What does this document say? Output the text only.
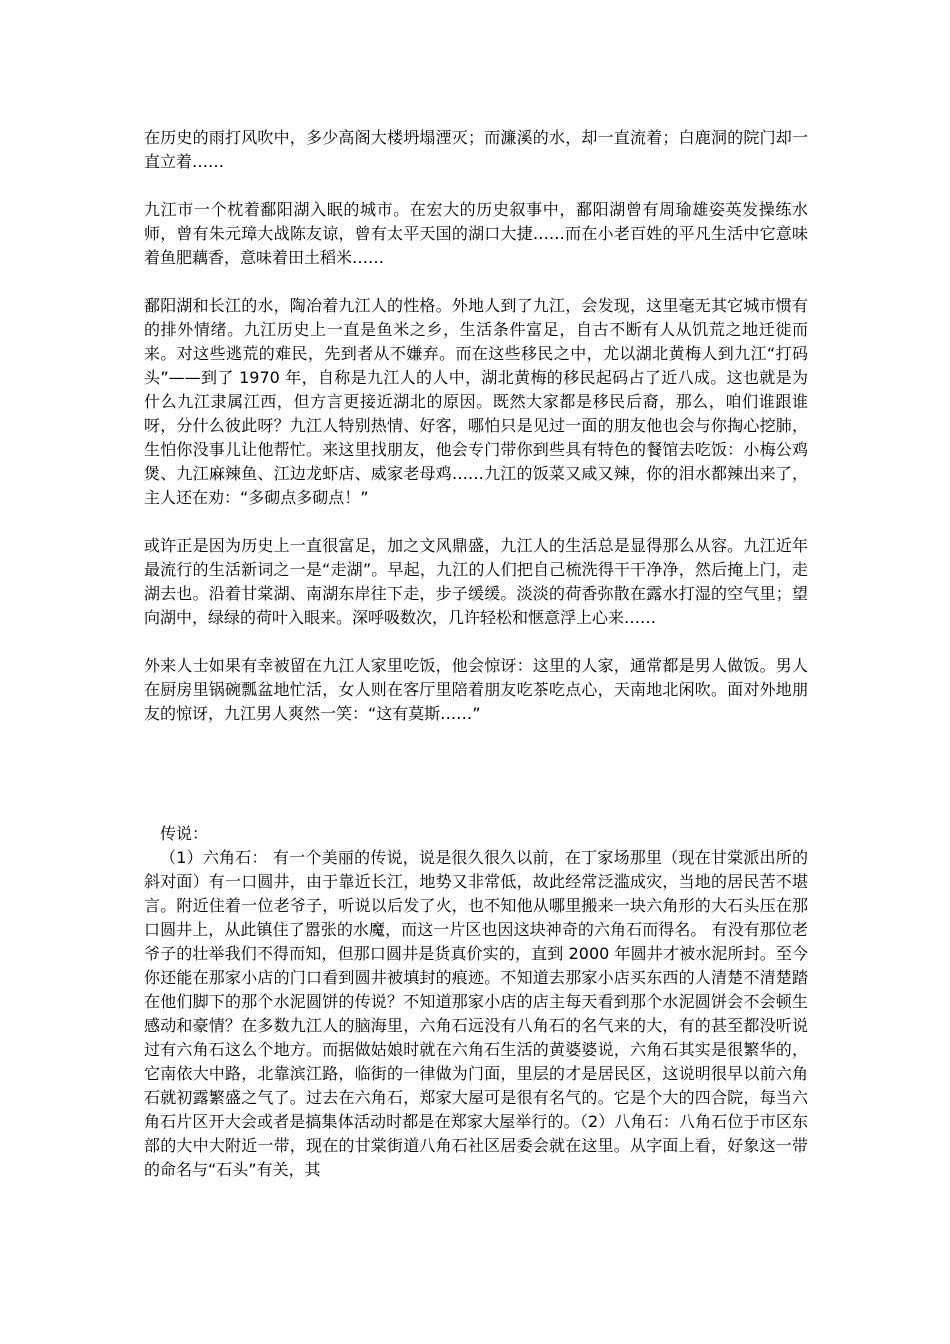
在历史的雨打风吹中，多少高阁大楼坍塌湮灭；而濂溪的水，却一直流着；白鹿洞的院门却一直立着……

九江市一个枕着鄱阳湖入眠的城市。在宏大的历史叙事中，鄱阳湖曾有周瑜雄姿英发操练水师，曾有朱元璋大战陈友谅，曾有太平天国的湖口大捷……而在小老百姓的平凡生活中它意味着鱼肥藕香，意味着田土稻米……

鄱阳湖和长江的水，陶冶着九江人的性格。外地人到了九江，会发现，这里毫无其它城市惯有的排外情绪。九江历史上一直是鱼米之乡，生活条件富足，自古不断有人从饥荒之地迁徙而来。对这些逃荒的难民，先到者从不嫌弃。而在这些移民之中，尤以湖北黄梅人到九江“打码头”——到了 1970 年，自称是九江人的人中，湖北黄梅的移民起码占了近八成。这也就是为什么九江隶属江西，但方言更接近湖北的原因。既然大家都是移民后裔，那么，咱们谁跟谁呀，分什么彼此呀？九江人特别热情、好客，哪怕只是见过一面的朋友他也会与你掏心挖肺，生怕你没事儿让他帮忙。来这里找朋友，他会专门带你到些具有特色的餐馆去吃饭：小梅公鸡煲、九江麻辣鱼、江边龙虾店、威家老母鸡……九江的饭菜又咸又辣，你的泪水都辣出来了，主人还在劝：“多砌点多砌点！”

或许正是因为历史上一直很富足，加之文风鼎盛，九江人的生活总是显得那么从容。九江近年最流行的生活新词之一是“走湖”。早起，九江的人们把自己梳洗得干干净净，然后掩上门，走湖去也。沿着甘棠湖、南湖东岸往下走，步子缓缓。淡淡的荷香弥散在露水打湿的空气里；望向湖中，绿绿的荷叶入眼来。深呼吸数次，几许轻松和惬意浮上心来……

外来人士如果有幸被留在九江人家里吃饭，他会惊讶：这里的人家，通常都是男人做饭。男人在厨房里锅碗瓢盆地忙活，女人则在客厅里陪着朋友吃茶吃点心，天南地北闲吹。面对外地朋友的惊讶，九江男人爽然一笑：“这有莫斯……”

传说：

（1）六角石： 有一个美丽的传说，说是很久很久以前，在丁家场那里（现在甘棠派出所的斜对面）有一口圆井，由于靠近长江，地势又非常低，故此经常泛滥成灾，当地的居民苦不堪言。附近住着一位老爷子，听说以后发了火，也不知他从哪里搬来一块六角形的大石头压在那口圆井上，从此镇住了嚣张的水魔，而这一片区也因这块神奇的六角石而得名。 有没有那位老爷子的壮举我们不得而知，但那口圆井是货真价实的，直到 2000 年圆井才被水泥所封。至今你还能在那家小店的门口看到圆井被填封的痕迹。不知道去那家小店买东西的人清楚不清楚踏在他们脚下的那个水泥圆饼的传说？不知道那家小店的店主每天看到那个水泥圆饼会不会顿生感动和豪情？在多数九江人的脑海里，六角石远没有八角石的名气来的大，有的甚至都没听说过有六角石这么个地方。而据做姑娘时就在六角石生活的黄婆婆说，六角石其实是很繁华的，它南依大中路，北靠滨江路，临街的一律做为门面，里层的才是居民区，这说明很早以前六角石就初露繁盛之气了。过去在六角石，郑家大屋可是很有名气的。它是个大的四合院，每当六角石片区开大会或者是搞集体活动时都是在郑家大屋举行的。（2）八角石：八角石位于市区东部的大中大附近一带，现在的甘棠街道八角石社区居委会就在这里。从字面上看，好象这一带的命名与“石头”有关，其
